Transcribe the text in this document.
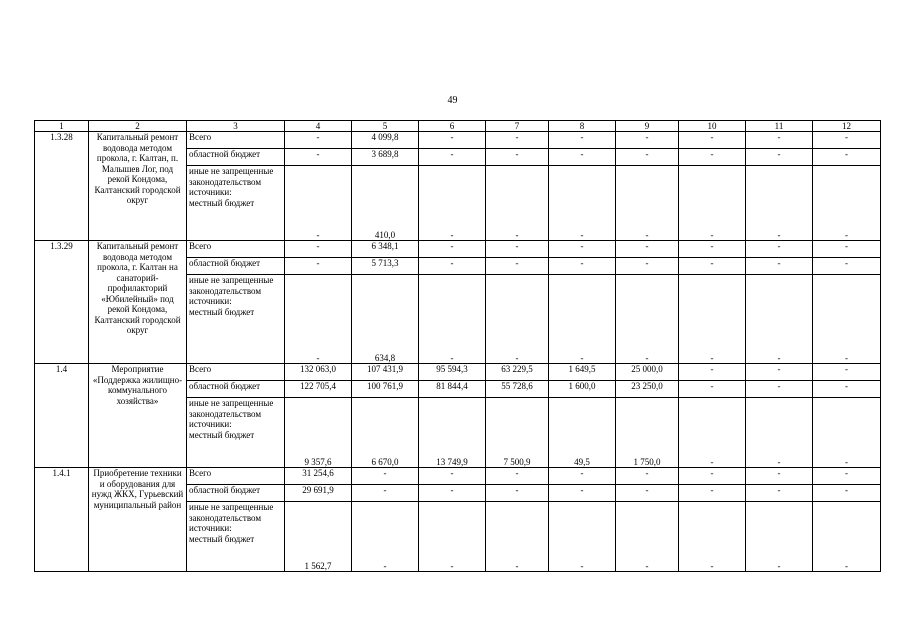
49
1	2	3	4	5	6	7	8	9	10	11	12
1.3.28	Капитальный ремонт водовода методом прокола, г. Калтан, п. Малышев Лог, под рекой Кондома, Калтанский городской округ	Всего	-	4 099,8	-	-	-	-	-	-	-

		областной бюджет	-	3 689,8	-	-	-	-	-	-	-

		иные не запрещенные законодательством источники:
местный бюджет	-	410,0	-	-	-	-	-	-	-
1.3.29	Капитальный ремонт водовода методом прокола, г. Калтан на санаторий-профилакторий «Юбилейный» под рекой Кондома, Калтанский городской округ	Всего	-	6 348,1	-	-	-	-	-	-	-

		областной бюджет	-	5 713,3	-	-	-	-	-	-	-

		иные не запрещенные законодательством источники:
местный бюджет	-	634,8	-	-	-	-	-	-	-
1.4	Мероприятие «Поддержка жилищно-коммунального хозяйства»	Всего	132 063,0	107 431,9	95 594,3	63 229,5	1 649,5	25 000,0	-	-	-

		областной бюджет	122 705,4	100 761,9	81 844,4	55 728,6	1 600,0	23 250,0	-	-	-

		иные не запрещенные законодательством источники:
местный бюджет	9 357,6	6 670,0	13 749,9	7 500,9	49,5	1 750,0	-	-	-
1.4.1	Приобретение техники и оборудования для нужд ЖКХ, Гурьевский муниципальный район	Всего	31 254,6	-	-	-	-	-	-	-	-

		областной бюджет	29 691,9	-	-	-	-	-	-	-	-

		иные не запрещенные законодательством источники:
местный бюджет	1 562,7	-	-	-	-	-	-	-	-
